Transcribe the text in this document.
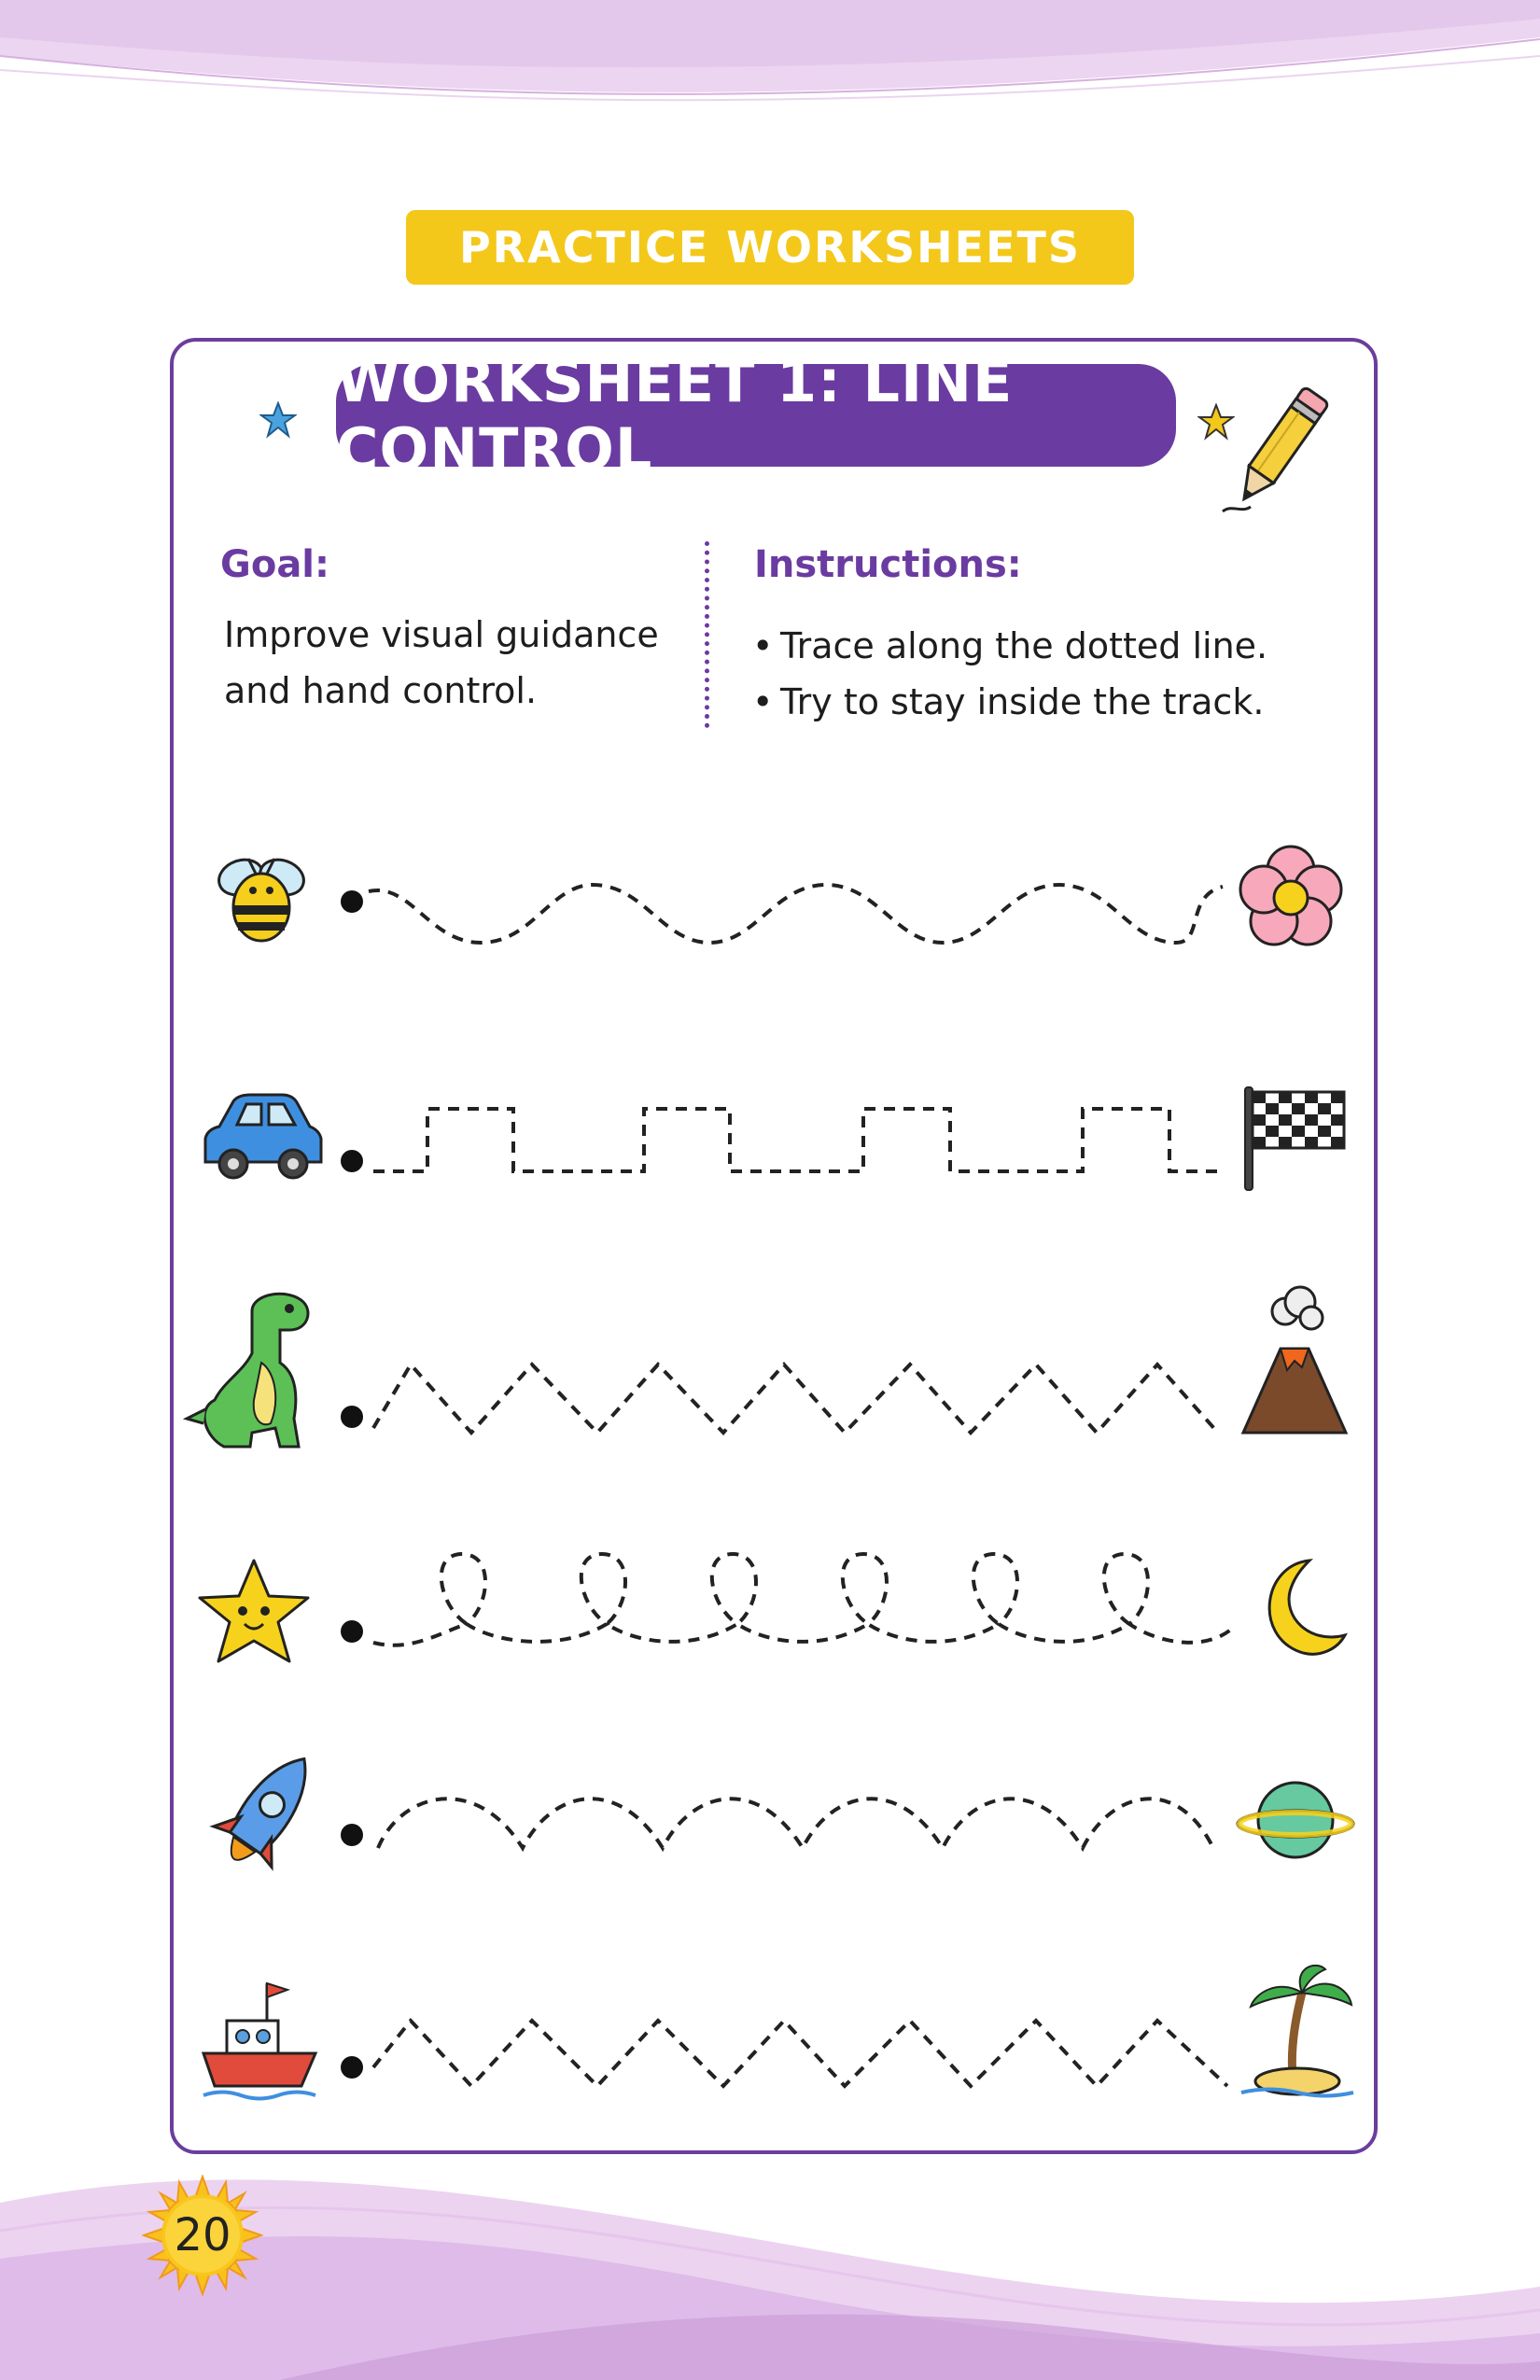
PRACTICE WORKSHEETS
WORKSHEET 1: LINE CONTROL
Goal:
Improve visual guidance
and hand control.
Instructions:
• Trace along the dotted line.
• Try to stay inside the track.
20
